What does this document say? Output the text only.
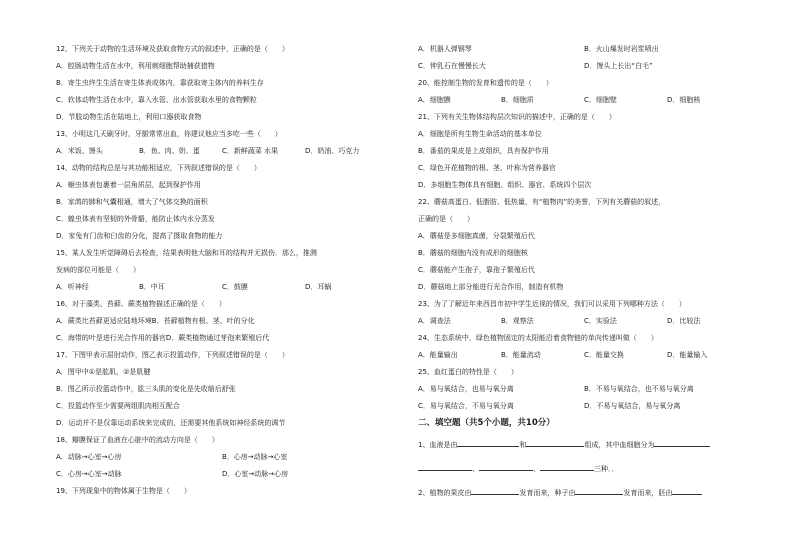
12、下列关于动物的生活环境及获取食物方式的叙述中，正确的是（　　）
A．腔肠动物生活在水中，利用刺细胞帮助捕获猎物
B．寄生虫终生生活在寄生体表或体内，靠获取寄主体内的养料生存
C．软体动物生活在水中，靠入水管、出水管获取水里的食物颗粒
D．节肢动物生活在陆地上，利用口器获取食物
13、小明这几天刷牙时，牙龈常常出血，你建议他应当多吃一些（　　）
A．米饭、馒头	B．鱼、肉、奶、蛋	C．新鲜蔬菜 水果	D．奶油、巧克力
14、动物的结构总是与其功能相适应，下列叙述错误的是（　　）
A．蛔虫体表包裹着一层角质层，起到保护作用
B．家鸽的肺和气囊相通，增大了气体交换的面积
C．蝗虫体表有坚韧的外骨骼，能防止体内水分蒸发
D．家兔有门齿和臼齿的分化，提高了摄取食物的能力
15、某人发生听觉障碍后去检查，结果表明他大脑和耳的结构并无损伤．那么，推测
发病的部位可能是（　　）
A．听神经	B．中耳	C．鼓膜	D．耳蜗
16、对于藻类、苔藓、蕨类植物描述正确的是（　　）
A．蕨类比苔藓更适应陆地环境B．苔藓植物有根、茎、叶的分化
C．海带的叶是进行光合作用的器官D．蕨类植物通过芽孢来繁殖后代
17、下图甲表示屈肘动作，图乙表示投篮动作，下列叙述错误的是（　　）
A．图甲中①是肱肌，②是肌腱
B．图乙所示投篮动作中，肱三头肌的变化是先收缩后舒张
C．投篮动作至少需要两组肌肉相互配合
D．运动并不是仅靠运动系统来完成的，还需要其他系统如神经系统的调节
18、瓣膜保证了血液在心脏中的流动方向是（　　）
A．动脉→心室→心房	B．心房→动脉→心室
C．心房→心室→动脉	D．心室→动脉→心房
19、下列现象中的物体属于生物是（　　）
A．机器人弹钢琴	B．火山爆发时岩浆喷出
C．钟乳石在慢慢长大	D．馒头上长出“白毛”
20、能控制生物的发育和遗传的是（　　）
A．细胞膜	B．细胞质	C．细胞壁	D．细胞核
21、下列有关生物体结构层次知识的描述中，正确的是（　　）
A．细胞是所有生物生命活动的基本单位
B．番茄的果皮是上皮组织，具有保护作用
C．绿色开花植物的根、茎、叶称为营养器官
D．多细胞生物体具有细胞、组织、器官、系统四个层次
22、蘑菇高蛋白、低脂肪、低热量，有“植物肉”的美誉，下列有关蘑菇的叙述，
正确的是（　　）
A．蘑菇是多细胞真菌，分裂繁殖后代
B．蘑菇的细胞内没有成形的细胞核
C．蘑菇能产生孢子，靠孢子繁殖后代
D．蘑菇地上部分能进行光合作用，制造有机物
23、为了了解近年来西昌市初中学生近视的情况，我们可以采用下列哪种方法（　　）
A．调查法	B．观察法	C．实验法	D．比较法
24、生态系统中，绿色植物固定的太阳能沿着食物链的单向传递叫做（　　）
A．能量输出	B．能量流动	C．能量交换	D．能量输入
25、血红蛋白的特性是（　　）
A．易与氧结合，也易与氧分离	B．不易与氧结合，也不易与氧分离
C．易与氧结合，不易与氧分离	D．不易与氧结合，易与氧分离
二、填空题（共5个小题，共10分）
1、血液是由	和	组成，其中血细胞分为
、	、	三种．．
2、植物的果皮由	发育而来，种子由	发育而来，胚由
